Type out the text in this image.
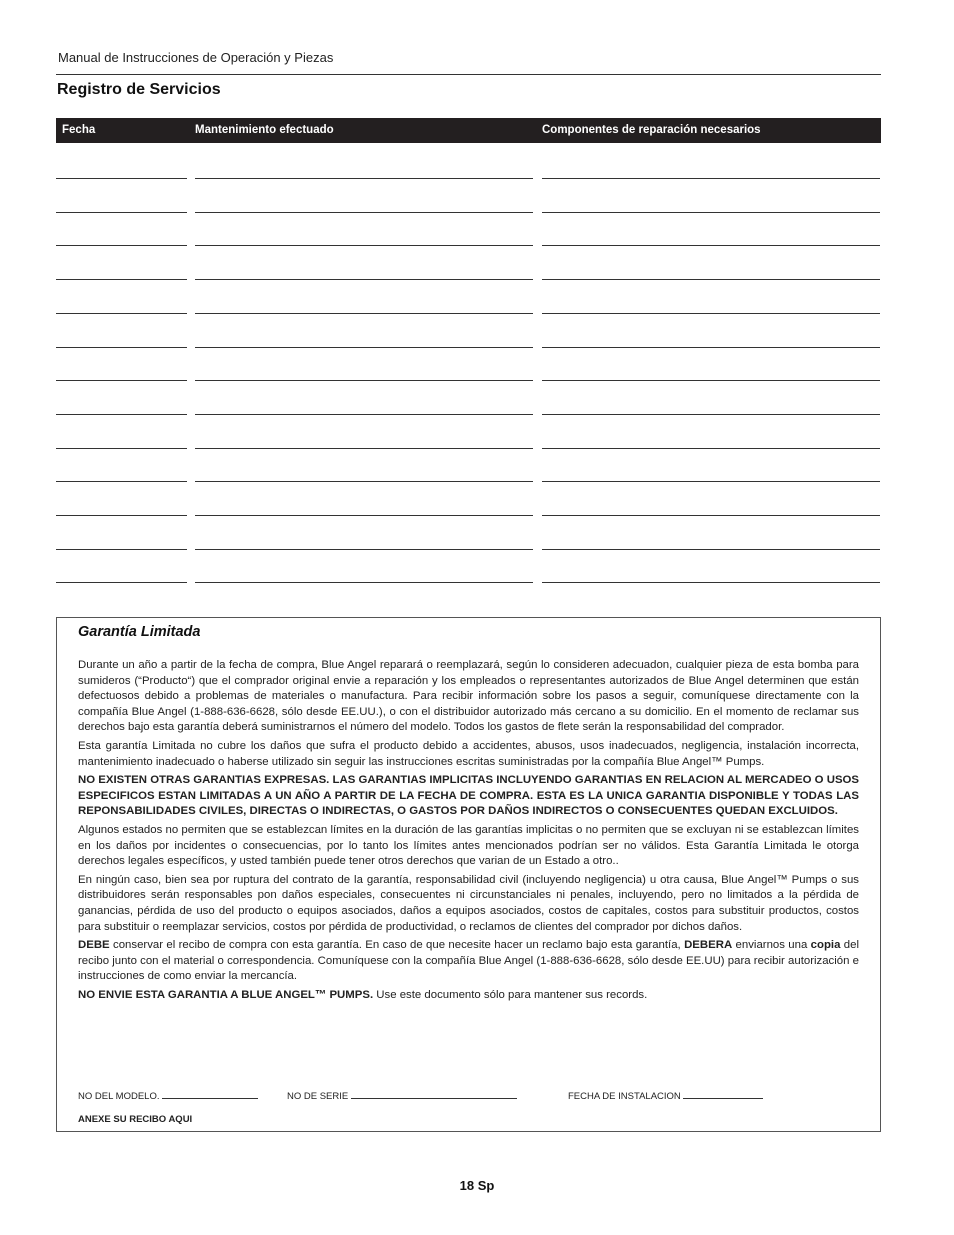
Manual de Instrucciones de Operación y Piezas
Registro de Servicios
Fecha	Mantenimiento efectuado	Componentes de reparación necesarios
Garantía Limitada

Durante un año a partir de la fecha de compra, Blue Angel reparará o reemplazará, según lo consideren adecuadon, cualquier pieza de esta bomba para sumideros (“Producto“) que el comprador original envie a reparación y los empleados o representantes autorizados de Blue Angel determinen que están defectuosos debido a problemas de materiales o manufactura. Para recibir información sobre los pasos a seguir, comuníquese directamente con la compañía Blue Angel (1-888-636-6628, sólo desde EE.UU.), o con el distribuidor autorizado más cercano a su domicilio. En el momento de reclamar sus derechos bajo esta garantía deberá suministrarnos el número del modelo. Todos los gastos de flete serán la responsabilidad del comprador.

Esta garantía Limitada no cubre los daños que sufra el producto debido a accidentes, abusos, usos inadecuados, negligencia, instalación incorrecta, mantenimiento inadecuado o haberse utilizado sin seguir las instrucciones escritas suministradas por la compañía Blue Angel™ Pumps.

NO EXISTEN OTRAS GARANTIAS EXPRESAS. LAS GARANTIAS IMPLICITAS INCLUYENDO GARANTIAS EN RELACION AL MERCADEO O USOS ESPECIFICOS ESTAN LIMITADAS A UN AÑO A PARTIR DE LA FECHA DE COMPRA. ESTA ES LA UNICA GARANTIA DISPONIBLE Y TODAS LAS REPONSABILIDADES CIVILES, DIRECTAS O INDIRECTAS, O GASTOS POR DAÑOS INDIRECTOS O CONSECUENTES QUEDAN EXCLUIDOS.

Algunos estados no permiten que se establezcan límites en la duración de las garantías implicitas o no permiten que se excluyan ni se establezcan límites en los daños por incidentes o consecuencias, por lo tanto los límites antes mencionados podrían ser no válidos. Esta Garantía Limitada le otorga derechos legales específicos, y usted también puede tener otros derechos que varian de un Estado a otro..

En ningún caso, bien sea por ruptura del contrato de la garantía, responsabilidad civil (incluyendo negligencia) u otra causa, Blue Angel™ Pumps o sus distribuidores serán responsables pon daños especiales, consecuentes ni circunstanciales ni penales, incluyendo, pero no limitados a la pérdida de ganancias, pérdida de uso del producto o equipos asociados, daños a equipos asociados, costos de capitales, costos para substituir productos, costos para substituir o reemplazar servicios, costos por pérdida de productividad, o reclamos de clientes del comprador por dichos daños.

DEBE conservar el recibo de compra con esta garantía. En caso de que necesite hacer un reclamo bajo esta garantía, DEBERA enviarnos una copia del recibo junto con el material o correspondencia. Comuníquese con la compañía Blue Angel (1-888-636-6628, sólo desde EE.UU) para recibir autorización e instrucciones de como enviar la mercancía.

NO ENVIE ESTA GARANTIA A BLUE ANGEL™ PUMPS. Use este documento sólo para mantener sus records.

NO DEL MODELO.	NO DE SERIE	FECHA DE INSTALACION
ANEXE SU RECIBO AQUI
18 Sp
